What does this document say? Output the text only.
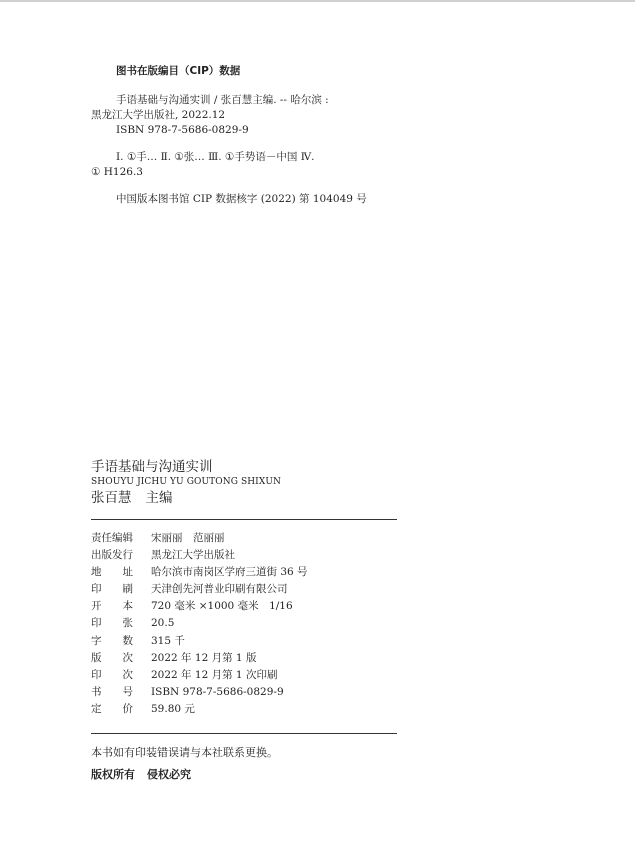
图书在版编目（CIP）数据
手语基础与沟通实训 / 张百慧主编. -- 哈尔滨 :
黑龙江大学出版社, 2022.12
ISBN 978-7-5686-0829-9
Ⅰ. ①手… Ⅱ. ①张… Ⅲ. ①手势语－中国 Ⅳ.
① H126.3
中国版本图书馆 CIP 数据核字 (2022) 第 104049 号
手语基础与沟通实训
SHOUYU JICHU YU GOUTONG SHIXUN
张百慧 主编
责任编辑	宋丽丽　范丽丽
出版发行	黑龙江大学出版社
地　　址	哈尔滨市南岗区学府三道街 36 号
印　　刷	天津创先河普业印刷有限公司
开　　本	720 毫米 ×1000 毫米　1/16
印　　张	20.5
字　　数	315 千
版　　次	2022 年 12 月第 1 版
印　　次	2022 年 12 月第 1 次印刷
书　　号	ISBN 978-7-5686-0829-9
定　　价	59.80 元
本书如有印装错误请与本社联系更换。
版权所有 侵权必究
